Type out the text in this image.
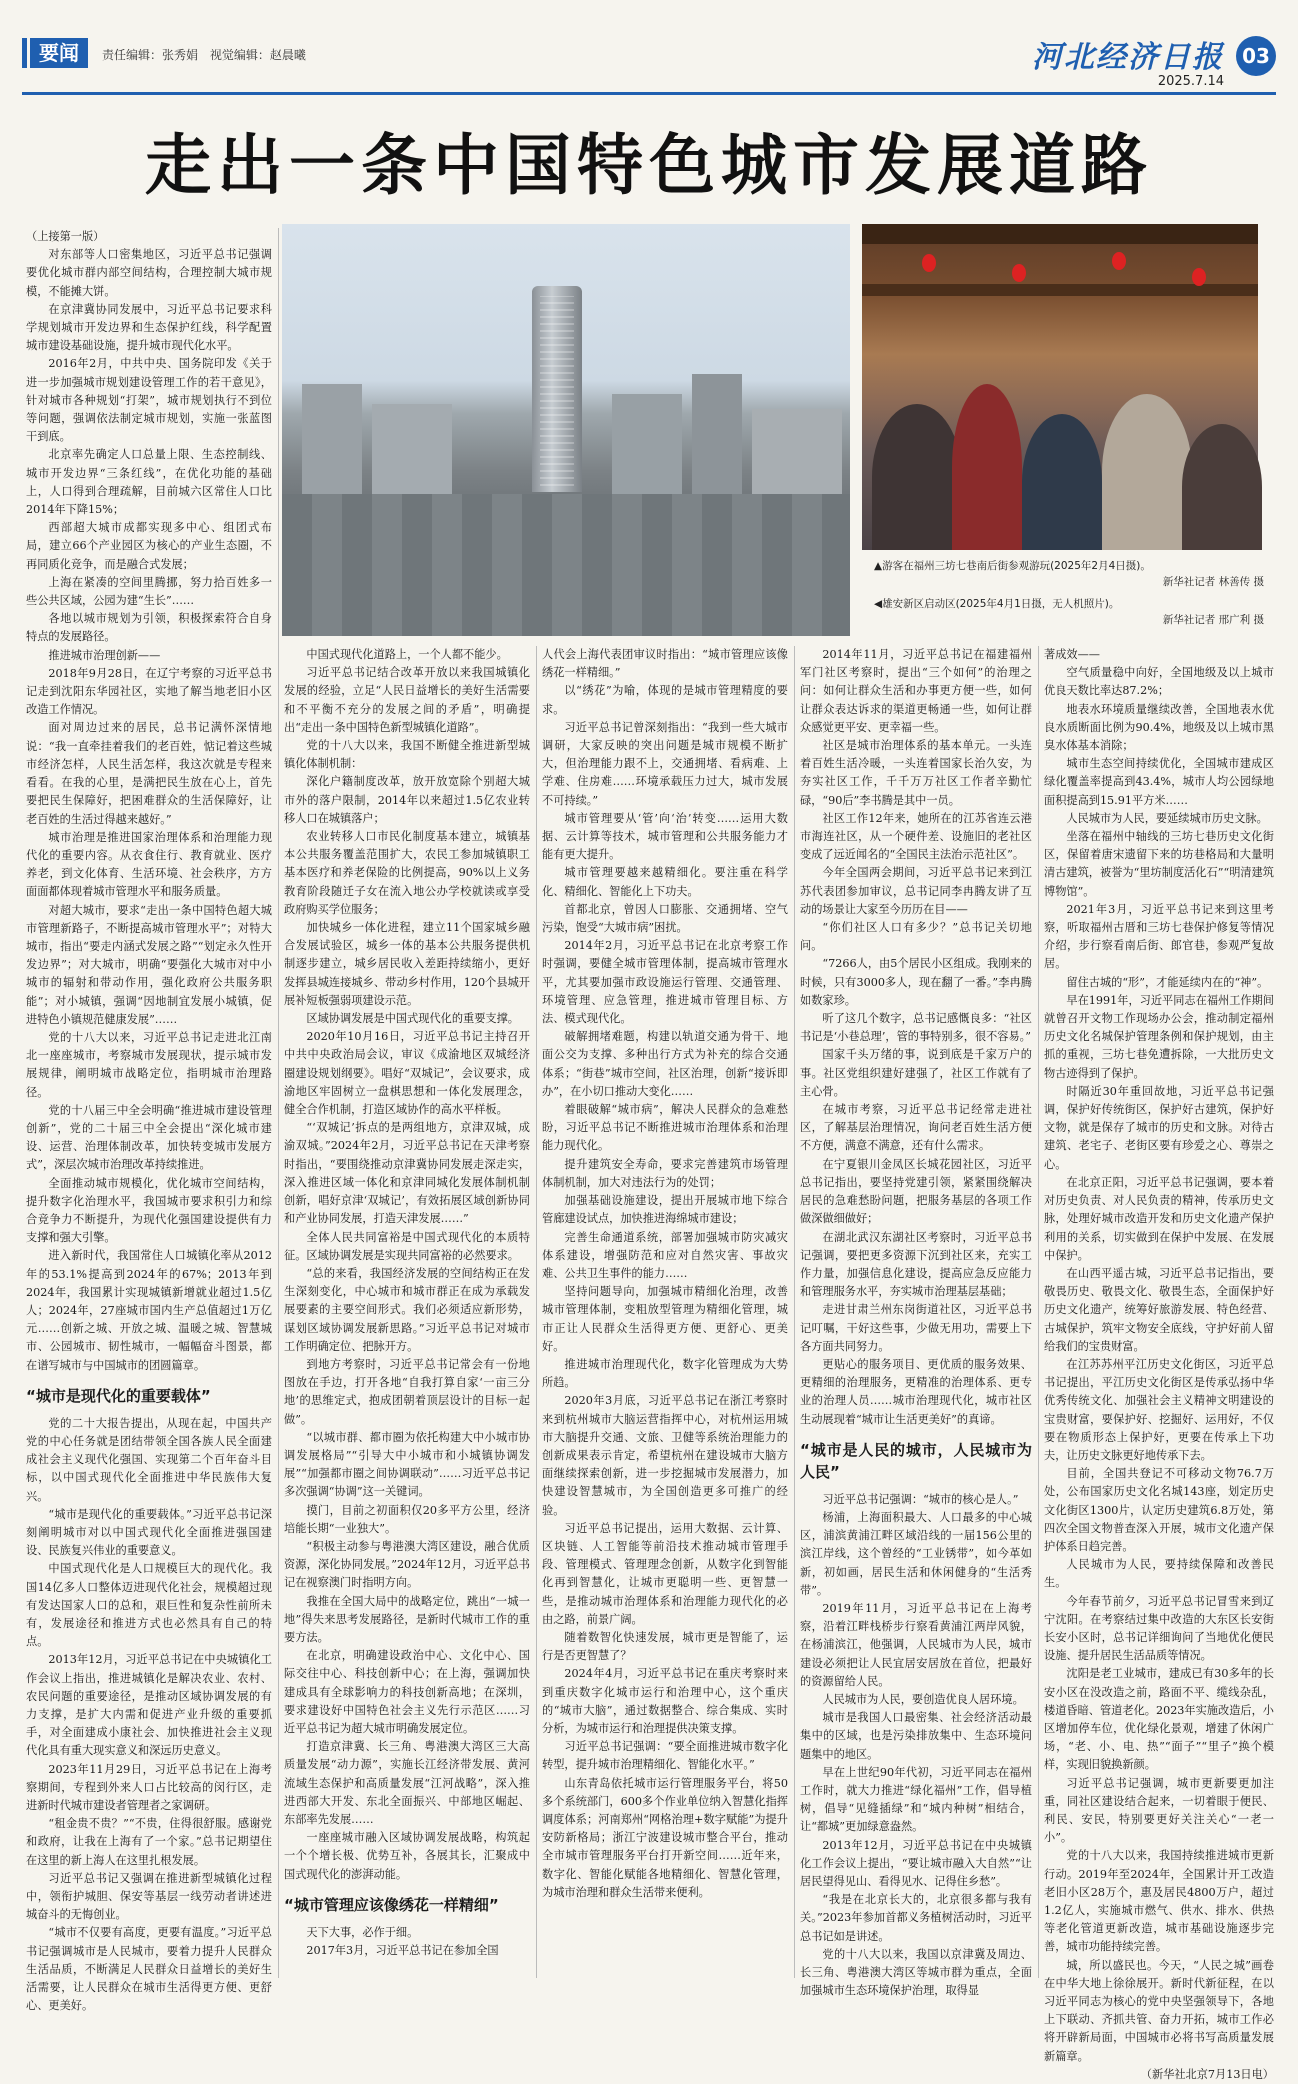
要闻	责任编辑：张秀娟 视觉编辑：赵晨曦	河北经济日报 03
2025.7.14
走出一条中国特色城市发展道路
▲游客在福州三坊七巷南后街参观游玩(2025年2月4日摄)。
新华社记者 林善传 摄
◀雄安新区启动区(2025年4月1日摄，无人机照片)。
新华社记者 邢广利 摄

（上接第一版）

对东部等人口密集地区，习近平总书记强调要优化城市群内部空间结构，合理控制大城市规模，不能摊大饼。

在京津冀协同发展中，习近平总书记要求科学规划城市开发边界和生态保护红线，科学配置城市建设基础设施，提升城市现代化水平。

2016年2月，中共中央、国务院印发《关于进一步加强城市规划建设管理工作的若干意见》，针对城市各种规划“打架”，城市规划执行不到位等问题，强调依法制定城市规划，实施一张蓝图干到底。

北京率先确定人口总量上限、生态控制线、城市开发边界“三条红线”，在优化功能的基础上，人口得到合理疏解，目前城六区常住人口比2014年下降15%；

西部超大城市成都实现多中心、组团式布局，建立66个产业园区为核心的产业生态圈，不再同质化竞争，而是融合式发展；

上海在紧凑的空间里腾挪，努力拾百姓多一些公共区域，公园为建“生长”……

各地以城市规划为引领，积极探索符合自身特点的发展路径。

推进城市治理创新——

2018年9月28日，在辽宁考察的习近平总书记走到沈阳东华园社区，实地了解当地老旧小区改造工作情况。

面对周边过来的居民，总书记满怀深情地说：“我一直牵挂着我们的老百姓，惦记着这些城市经济怎样，人民生活怎样，我这次就是专程来看看。在我的心里，是满把民生放在心上，首先要把民生保障好，把困难群众的生活保障好，让老百姓的生活过得越来越好。”

城市治理是推进国家治理体系和治理能力现代化的重要内容。从衣食住行、教育就业、医疗养老，到文化体育、生活环境、社会秩序，方方面面都体现着城市管理水平和服务质量。

对超大城市，要求“走出一条中国特色超大城市管理新路子，不断提高城市管理水平”；对特大城市，指出“要走内涵式发展之路”“划定永久性开发边界”；对大城市，明确“要强化大城市对中小城市的辐射和带动作用，强化政府公共服务职能”；对小城镇，强调“因地制宜发展小城镇，促进特色小镇规范健康发展”……

党的十八大以来，习近平总书记走进北江南北一座座城市，考察城市发展现状，提示城市发展规律，阐明城市战略定位，指明城市治理路径。

党的十八届三中全会明确“推进城市建设管理创新”，党的二十届三中全会提出“深化城市建设、运营、治理体制改革，加快转变城市发展方式”，深层次城市治理改革持续推进。

全面推动城市规模化，优化城市空间结构，提升数字化治理水平，我国城市要求积引力和综合竞争力不断提升，为现代化强国建设提供有力支撑和强大引擎。

进入新时代，我国常住人口城镇化率从2012年的53.1%提高到2024年的67%；2013年到2024年，我国累计实现城镇新增就业超过1.5亿人；2024年，27座城市国内生产总值超过1万亿元……创新之城、开放之城、温暖之城、智慧城市、公园城市、韧性城市，一幅幅奋斗图景，都在谱写城市与中国城市的团圆篇章。

“城市是现代化的重要载体”

党的二十大报告提出，从现在起，中国共产党的中心任务就是团结带领全国各族人民全面建成社会主义现代化强国、实现第二个百年奋斗目标，以中国式现代化全面推进中华民族伟大复兴。

“城市是现代化的重要载体。”习近平总书记深刻阐明城市对以中国式现代化全面推进强国建设、民族复兴伟业的重要意义。

中国式现代化是人口规模巨大的现代化。我国14亿多人口整体迈进现代化社会，规模超过现有发达国家人口的总和，艰巨性和复杂性前所未有，发展途径和推进方式也必然具有自己的特点。

2013年12月，习近平总书记在中央城镇化工作会议上指出，推进城镇化是解决农业、农村、农民问题的重要途径，是推动区域协调发展的有力支撑，是扩大内需和促进产业升级的重要抓手，对全面建成小康社会、加快推进社会主义现代化具有重大现实意义和深远历史意义。

2023年11月29日，习近平总书记在上海考察期间，专程到外来人口占比较高的闵行区，走进新时代城市建设者管理者之家调研。

“租金贵不贵？”“不贵，住得很舒服。感谢党和政府，让我在上海有了一个家。”总书记期望住在这里的新上海人在这里扎根发展。

习近平总书记又强调在推进新型城镇化过程中，领衔护城胆、保安等基层一线劳动者讲述进城奋斗的无悔创业。

“城市不仅要有高度，更要有温度。”习近平总书记强调城市是人民城市，要着力提升人民群众生活品质，不断满足人民群众日益增长的美好生活需要，让人民群众在城市生活得更方便、更舒心、更美好。

中国式现代化道路上，一个人都不能少。

习近平总书记结合改革开放以来我国城镇化发展的经验，立足“人民日益增长的美好生活需要和不平衡不充分的发展之间的矛盾”，明确提出“走出一条中国特色新型城镇化道路”。

党的十八大以来，我国不断健全推进新型城镇化体制机制：

深化户籍制度改革，放开放宽除个别超大城市外的落户限制，2014年以来超过1.5亿农业转移人口在城镇落户；

农业转移人口市民化制度基本建立，城镇基本公共服务覆盖范围扩大，农民工参加城镇职工基本医疗和养老保险的比例提高，90%以上义务教育阶段随迁子女在流入地公办学校就读或享受政府购买学位服务；

加快城乡一体化进程，建立11个国家城乡融合发展试验区，城乡一体的基本公共服务提供机制逐步建立，城乡居民收入差距持续缩小，更好发挥县城连接城乡、带动乡村作用，120个县城开展补短板强弱项建设示范。

区域协调发展是中国式现代化的重要支撑。

2020年10月16日，习近平总书记主持召开中共中央政治局会议，审议《成渝地区双城经济圈建设规划纲要》。唱好“双城记”，会议要求，成渝地区牢固树立一盘棋思想和一体化发展理念，健全合作机制，打造区域协作的高水平样板。

“‘双城记’拆点的是两组地方，京津双城，成渝双城。”2024年2月，习近平总书记在天津考察时指出，“要围绕推动京津冀协同发展走深走实，深入推进区域一体化和京津同城化发展体制机制创新，唱好京津‘双城记’，有效拓展区域创新协同和产业协同发展，打造天津发展……”

全体人民共同富裕是中国式现代化的本质特征。区域协调发展是实现共同富裕的必然要求。

“总的来看，我国经济发展的空间结构正在发生深刻变化，中心城市和城市群正在成为承载发展要素的主要空间形式。我们必须适应新形势，谋划区域协调发展新思路。”习近平总书记对城市工作明确定位、把脉开方。

到地方考察时，习近平总书记常会有一份地图放在手边，打开各地“自我打算自家‘一亩三分地’的思维定式，抱成团朝着顶层设计的目标一起做”。

“以城市群、都市圈为依托构建大中小城市协调发展格局”“引导大中小城市和小城镇协调发展”“加强都市圈之间协调联动”……习近平总书记多次强调“协调”这一关键词。

摸门，目前之初面积仅20多平方公里，经济培能长期“一业独大”。

“积极主动参与粤港澳大湾区建设，融合优质资源，深化协同发展。”2024年12月，习近平总书记在视察澳门时指明方向。

我推在全国大局中的战略定位，跳出“一城一地”得失来思考发展路径，是新时代城市工作的重要方法。

在北京，明确建设政治中心、文化中心、国际交往中心、科技创新中心；在上海，强调加快建成具有全球影响力的科技创新高地；在深圳，要求建设好中国特色社会主义先行示范区……习近平总书记为超大城市明确发展定位。

打造京津冀、长三角、粤港澳大湾区三大高质量发展“动力源”，实施长江经济带发展、黄河流域生态保护和高质量发展“江河战略”，深入推进西部大开发、东北全面振兴、中部地区崛起、东部率先发展……

一座座城市融入区域协调发展战略，构筑起一个个增长极、优势互补，各展其长，汇聚成中国式现代化的澎湃动能。

“城市管理应该像绣花一样精细”

天下大事，必作于细。

2017年3月，习近平总书记在参加全国

人代会上海代表团审议时指出：“城市管理应该像绣花一样精细。”

以“绣花”为喻，体现的是城市管理精度的要求。

习近平总书记曾深刻指出：“我到一些大城市调研，大家反映的突出问题是城市规模不断扩大，但治理能力跟不上，交通拥堵、看病难、上学难、住房难……环境承载压力过大，城市发展不可持续。”

城市管理要从‘管’向‘治’转变……运用大数据、云计算等技术，城市管理和公共服务能力才能有更大提升。

城市管理要越来越精细化。要注重在科学化、精细化、智能化上下功夫。

首都北京，曾因人口膨胀、交通拥堵、空气污染，饱受“大城市病”困扰。

2014年2月，习近平总书记在北京考察工作时强调，要健全城市管理体制，提高城市管理水平，尤其要加强市政设施运行管理、交通管理、环境管理、应急管理，推进城市管理目标、方法、模式现代化。

破解拥堵难题，构建以轨道交通为骨干、地面公交为支撑、多种出行方式为补充的综合交通体系；“街巷”城市空间，社区治理，创新“接诉即办”，在小切口推动大变化……

着眼破解“城市病”，解决人民群众的急难愁盼，习近平总书记不断推进城市治理体系和治理能力现代化。

提升建筑安全寿命，要求完善建筑市场管理体制机制，加大对违法行为的处罚；

加强基础设施建设，提出开展城市地下综合管廊建设试点，加快推进海绵城市建设；

完善生命通道系统，部署加强城市防灾减灾体系建设，增强防范和应对自然灾害、事故灾难、公共卫生事件的能力……

坚持问题导向，加强城市精细化治理，改善城市管理体制，变粗放型管理为精细化管理，城市正让人民群众生活得更方便、更舒心、更美好。

推进城市治理现代化，数字化管理成为大势所趋。

2020年3月底，习近平总书记在浙江考察时来到杭州城市大脑运营指挥中心，对杭州运用城市大脑提升交通、文旅、卫健等系统治理能力的创新成果表示肯定，希望杭州在建设城市大脑方面继续探索创新，进一步挖掘城市发展潜力，加快建设智慧城市，为全国创造更多可推广的经验。

习近平总书记提出，运用大数据、云计算、区块链、人工智能等前沿技术推动城市管理手段、管理模式、管理理念创新，从数字化到智能化再到智慧化，让城市更聪明一些、更智慧一些，是推动城市治理体系和治理能力现代化的必由之路，前景广阔。

随着数智化快速发展，城市更是智能了，运行是否更智慧了？

2024年4月，习近平总书记在重庆考察时来到重庆数字化城市运行和治理中心，这个重庆的“城市大脑”，通过数据整合、综合集成、实时分析，为城市运行和治理提供决策支撑。

习近平总书记强调：“要全面推进城市数字化转型，提升城市治理精细化、智能化水平。”

山东青岛依托城市运行管理服务平台，将50多个系统部门，600多个作业单位纳入智慧化指挥调度体系；河南郑州“网格治理+数字赋能”为提升安防新格局；浙江宁波建设城市整合平台，推动全市城市管理服务平台打开新空间……近年来，数字化、智能化赋能各地精细化、智慧化管理，为城市治理和群众生活带来便利。

2014年11月，习近平总书记在福建福州军门社区考察时，提出“三个如何”的治理之问：如何让群众生活和办事更方便一些，如何让群众表达诉求的渠道更畅通一些，如何让群众感觉更平安、更幸福一些。

社区是城市治理体系的基本单元。一头连着百姓生活冷暖，一头连着国家长治久安，为夯实社区工作，千千万万社区工作者辛勤忙碌，“90后”李书腾是其中一员。

社区工作12年来，她所在的江苏省连云港市海连社区，从一个硬件差、设施旧的老社区变成了远近闻名的“全国民主法治示范社区”。

今年全国两会期间，习近平总书记来到江苏代表团参加审议，总书记同李冉腾友讲了互动的场景让大家至今历历在目——

“你们社区人口有多少？”总书记关切地问。

“7266人，由5个居民小区组成。我刚来的时候，只有3000多人，现在翻了一番。”李冉腾如数家珍。

听了这几个数字，总书记感慨良多：“社区书记是‘小巷总理’，管的事特别多，很不容易。”

国家千头万绪的事，说到底是千家万户的事。社区党组织建好建强了，社区工作就有了主心骨。

在城市考察，习近平总书记经常走进社区，了解基层治理情况，询问老百姓生活方便不方便，满意不满意，还有什么需求。

在宁夏银川金凤区长城花园社区，习近平总书记指出，要坚持党建引领，紧紧围绕解决居民的急难愁盼问题，把服务基层的各项工作做深做细做好；

在湖北武汉东湖社区考察时，习近平总书记强调，要把更多资源下沉到社区来，充实工作力量，加强信息化建设，提高应急反应能力和管理服务水平，夯实城市治理基层基础；

走进甘肃兰州东岗街道社区，习近平总书记叮嘱，干好这些事，少做无用功，需要上下各方面共同努力。

更贴心的服务项目、更优质的服务效果、更精细的治理服务，更精准的治理体系、更专业的治理人员……城市治理现代化，城市社区生动展现着“城市让生活更美好”的真谛。

“城市是人民的城市，人民城市为人民”

习近平总书记强调：“城市的核心是人。”

杨浦，上海面积最大、人口最多的中心城区，浦滨黄浦江畔区域沿线的一届156公里的滨江岸线，这个曾经的“工业锈带”，如今革如新，初如画，居民生活和休闲健身的“生活秀带”。

2019年11月，习近平总书记在上海考察，沿着江畔栈桥步行察看黄浦江两岸风貌，在杨浦滨江，他强调，人民城市为人民，城市建设必须把让人民宜居安居放在首位，把最好的资源留给人民。

人民城市为人民，要创造优良人居环境。

城市是我国人口最密集、社会经济活动最集中的区域，也是污染排放集中、生态环境问题集中的地区。

早在上世纪90年代初，习近平同志在福州工作时，就大力推进“绿化福州”工作，倡导植树，倡导“见缝插绿”和“城内种树”相结合，让“都城”更加绿意盎然。

2013年12月，习近平总书记在中央城镇化工作会议上提出，“要让城市融入大自然”“让居民望得见山、看得见水、记得住乡愁”。

“我是在北京长大的，北京很多都与我有关。”2023年参加首都义务植树活动时，习近平总书记如是讲述。

党的十八大以来，我国以京津冀及周边、长三角、粤港澳大湾区等城市群为重点，全面加强城市生态环境保护治理，取得显

著成效——

空气质量稳中向好，全国地级及以上城市优良天数比率达87.2%；

地表水环境质量继续改善，全国地表水优良水质断面比例为90.4%，地级及以上城市黑臭水体基本消除；

城市生态空间持续优化，全国城市建成区绿化覆盖率提高到43.4%，城市人均公园绿地面积提高到15.91平方米……

人民城市为人民，要延续城市历史文脉。

坐落在福州中轴线的三坊七巷历史文化街区，保留着唐宋遗留下来的坊巷格局和大量明清古建筑，被誉为“里坊制度活化石”“明清建筑博物馆”。

2021年3月，习近平总书记来到这里考察，听取福州古厝和三坊七巷保护修复等情况介绍，步行察看南后街、郎官巷，参观严复故居。

留住古城的“形”，才能延续内在的“神”。

早在1991年，习近平同志在福州工作期间就曾召开文物工作现场办公会，推动制定福州历史文化名城保护管理条例和保护规划，由主抓的重视，三坊七巷免遭拆除，一大批历史文物古迹得到了保护。

时隔近30年重回故地，习近平总书记强调，保护好传统街区，保护好古建筑，保护好文物，就是保存了城市的历史和文脉。对待古建筑、老宅子、老街区要有珍爱之心、尊崇之心。

在北京正阳，习近平总书记强调，要本着对历史负责、对人民负责的精神，传承历史文脉，处理好城市改造开发和历史文化遗产保护利用的关系，切实做到在保护中发展、在发展中保护。

在山西平遥古城，习近平总书记指出，要敬畏历史、敬畏文化、敬畏生态，全面保护好历史文化遗产，统筹好旅游发展、特色经营、古城保护，筑牢文物安全底线，守护好前人留给我们的宝贵财富。

在江苏苏州平江历史文化街区，习近平总书记提出，平江历史文化街区是传承弘扬中华优秀传统文化、加强社会主义精神文明建设的宝贵财富，要保护好、挖掘好、运用好，不仅要在物质形态上保护好，更要在传承上下功夫，让历史文脉更好地传承下去。

目前，全国共登记不可移动文物76.7万处，公布国家历史文化名城143座，划定历史文化街区1300片，认定历史建筑6.8万处，第四次全国文物普查深入开展，城市文化遗产保护体系日趋完善。

人民城市为人民，要持续保障和改善民生。

今年春节前夕，习近平总书记冒雪来到辽宁沈阳。在考察结过集中改造的大东区长安街长安小区时，总书记详细询问了当地优化便民设施、提升居民生活品质等情况。

沈阳是老工业城市，建成已有30多年的长安小区在没改造之前，路面不平、缆线杂乱，楼道昏暗、管道老化。2023年实施改造后，小区增加停车位，优化绿化景观，增建了休闲广场，“老、小、电、热”“面子”“里子”换个模样，实现旧貌换新颜。

习近平总书记强调，城市更新要更加注重，同社区建设结合起来，一切着眼于便民、利民、安民，特别要更好关注关心“一老一小”。

党的十八大以来，我国持续推进城市更新行动。2019年至2024年，全国累计开工改造老旧小区28万个，惠及居民4800万户，超过1.2亿人，实施城市燃气、供水、排水、供热等老化管道更新改造，城市基础设施逐步完善，城市功能持续完善。

城，所以盛民也。今天，“人民之城”画卷在中华大地上徐徐展开。新时代新征程，在以习近平同志为核心的党中央坚强领导下，各地上下联动、齐抓共管、奋力开拓，城市工作必将开辟新局面，中国城市必将书写高质量发展新篇章。

（新华社北京7月13日电）
